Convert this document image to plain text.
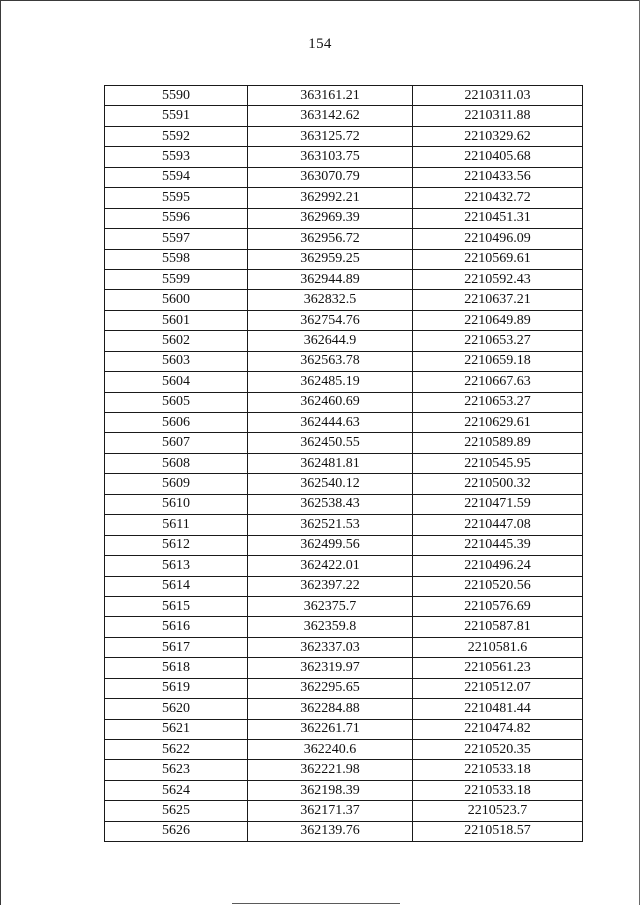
154
5590	363161.21	2210311.03
5591	363142.62	2210311.88
5592	363125.72	2210329.62
5593	363103.75	2210405.68
5594	363070.79	2210433.56
5595	362992.21	2210432.72
5596	362969.39	2210451.31
5597	362956.72	2210496.09
5598	362959.25	2210569.61
5599	362944.89	2210592.43
5600	362832.5	2210637.21
5601	362754.76	2210649.89
5602	362644.9	2210653.27
5603	362563.78	2210659.18
5604	362485.19	2210667.63
5605	362460.69	2210653.27
5606	362444.63	2210629.61
5607	362450.55	2210589.89
5608	362481.81	2210545.95
5609	362540.12	2210500.32
5610	362538.43	2210471.59
5611	362521.53	2210447.08
5612	362499.56	2210445.39
5613	362422.01	2210496.24
5614	362397.22	2210520.56
5615	362375.7	2210576.69
5616	362359.8	2210587.81
5617	362337.03	2210581.6
5618	362319.97	2210561.23
5619	362295.65	2210512.07
5620	362284.88	2210481.44
5621	362261.71	2210474.82
5622	362240.6	2210520.35
5623	362221.98	2210533.18
5624	362198.39	2210533.18
5625	362171.37	2210523.7
5626	362139.76	2210518.57
